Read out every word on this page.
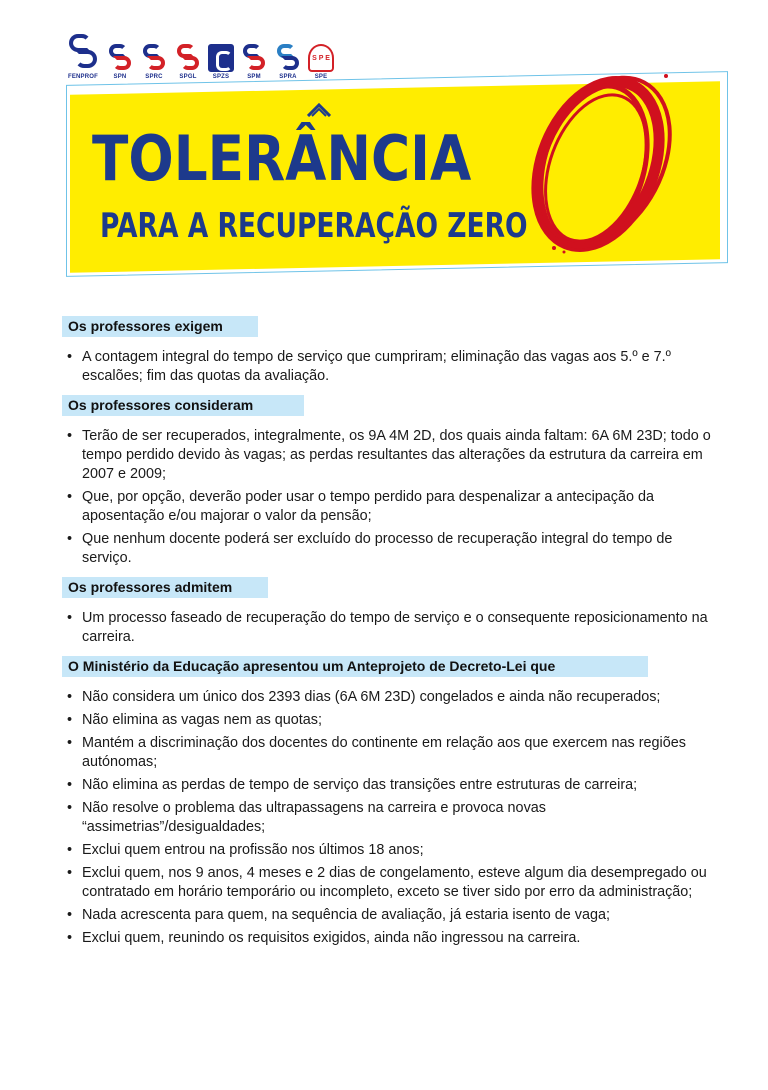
FENPROF	SPN	SPRC	SPGL	SPZS	SPM	SPRA
S P E
SPE
TOLERÂNCIA
PARA A RECUPERAÇÃO ZERO
Os professores exigem
• A contagem integral do tempo de serviço que cumpriram; eliminação das vagas aos 5.º e 7.º escalões; fim das quotas da avaliação.
Os professores consideram
• Terão de ser recuperados, integralmente, os 9A 4M 2D, dos quais ainda faltam: 6A 6M 23D; todo o tempo perdido devido às vagas; as perdas resultantes das alterações da estrutura da carreira em 2007 e 2009;
• Que, por opção, deverão poder usar o tempo perdido para despenalizar a antecipação da aposentação e/ou majorar o valor da pensão;
• Que nenhum docente poderá ser excluído do processo de recuperação integral do tempo de serviço.
Os professores admitem
• Um processo faseado de recuperação do tempo de serviço e o consequente reposicionamento na carreira.
O Ministério da Educação apresentou um Anteprojeto de Decreto-Lei que
• Não considera um único dos 2393 dias (6A 6M 23D) congelados e ainda não recuperados;
• Não elimina as vagas nem as quotas;
• Mantém a discriminação dos docentes do continente em relação aos que exercem nas regiões autónomas;
• Não elimina as perdas de tempo de serviço das transições entre estruturas de carreira;
• Não resolve o problema das ultrapassagens na carreira e provoca novas “assimetrias”/desigualdades;
• Exclui quem entrou na profissão nos últimos 18 anos;
• Exclui quem, nos 9 anos, 4 meses e 2 dias de congelamento, esteve algum dia desempregado ou contratado em horário temporário ou incompleto, exceto se tiver sido por erro da administração;
• Nada acrescenta para quem, na sequência de avaliação, já estaria isento de vaga;
• Exclui quem, reunindo os requisitos exigidos, ainda não ingressou na carreira.
